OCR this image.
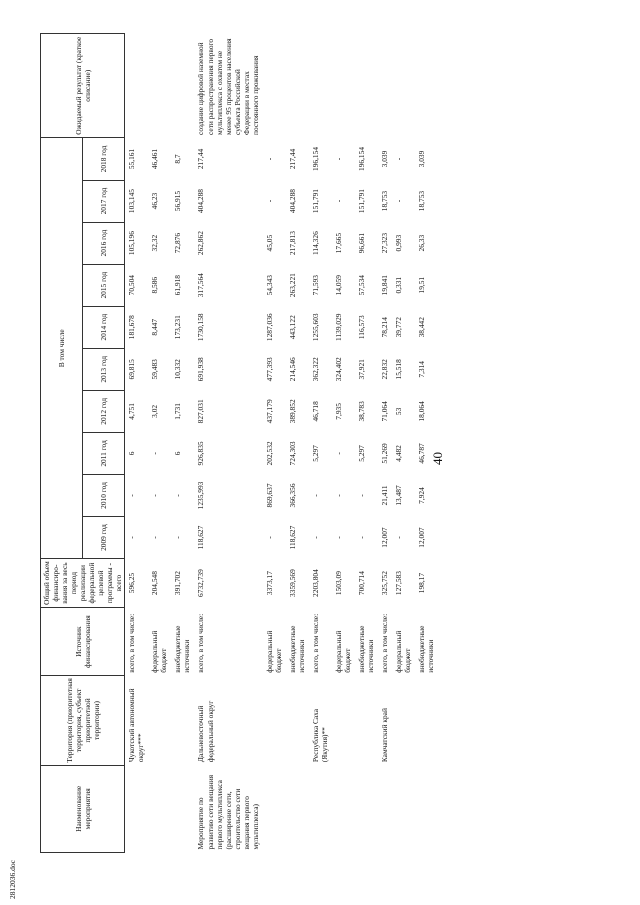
2812036.doc
Наименование мероприятия	Территория (приоритетная территория, субъект приоритетной территории)	Источник финансирования	Общий объем финансиро-вания за весь период реализации федеральной целевой программы - всего	В том числе										Ожидаемый результат (краткое описание)
				2009 год	2010 год	2011 год	2012 год	2013 год	2014 год	2015 год	2016 год	2017 год	2018 год	
	Чукотский автономный округ***	всего, в том числе:	596,25	-	-	6	4,751	69,815	181,678	70,504	105,196	103,145	55,161	
		федеральный бюджет	204,548	-	-	-	3,02	59,483	8,447	8,586	32,32	46,23	46,461	
		внебюджетные источники	391,702	-	-	6	1,731	10,332	173,231	61,918	72,876	56,915	8,7	
Мероприятие по развитию сети вещания первого мультиплекса (расширение сети, строительство сети вещания первого мультиплекса)	Дальневосточный федеральный округ	всего, в том числе:	6732,739	118,627	1235,993	926,835	827,031	691,938	1730,158	317,564	262,862	404,288	217,44	создание цифровой наземной сети распространения первого мультиплекса с охватом не менее 95 процентов населения субъекта Российской Федерации в местах постоянного проживания
		федеральный бюджет	3373,17	-	869,637	202,532	437,179	477,393	1287,036	54,343	45,05	-	-	
		внебюджетные источники	3359,569	118,627	366,356	724,303	389,852	214,546	443,122	263,221	217,813	404,288	217,44	
	Республика Саха (Якутия)**	всего, в том числе:	2203,804	-	-	5,297	46,718	362,322	1255,603	71,593	114,326	151,791	196,154	
		федеральный бюджет	1503,09	-	-	-	7,935	324,402	1139,029	14,059	17,665	-	-	
		внебюджетные источники	700,714	-	-	5,297	38,783	37,921	116,573	57,534	96,661	151,791	196,154	
	Камчатский край	всего, в том числе:	325,752	12,007	21,411	51,269	71,064	22,832	78,214	19,841	27,323	18,753	3,039	
		федеральный бюджет	127,583	-	13,487	4,482	53	15,518	39,772	0,331	0,993	-	-	
		внебюджетные источники	198,17	12,007	7,924	46,787	18,064	7,314	38,442	19,51	26,33	18,753	3,039	
40
